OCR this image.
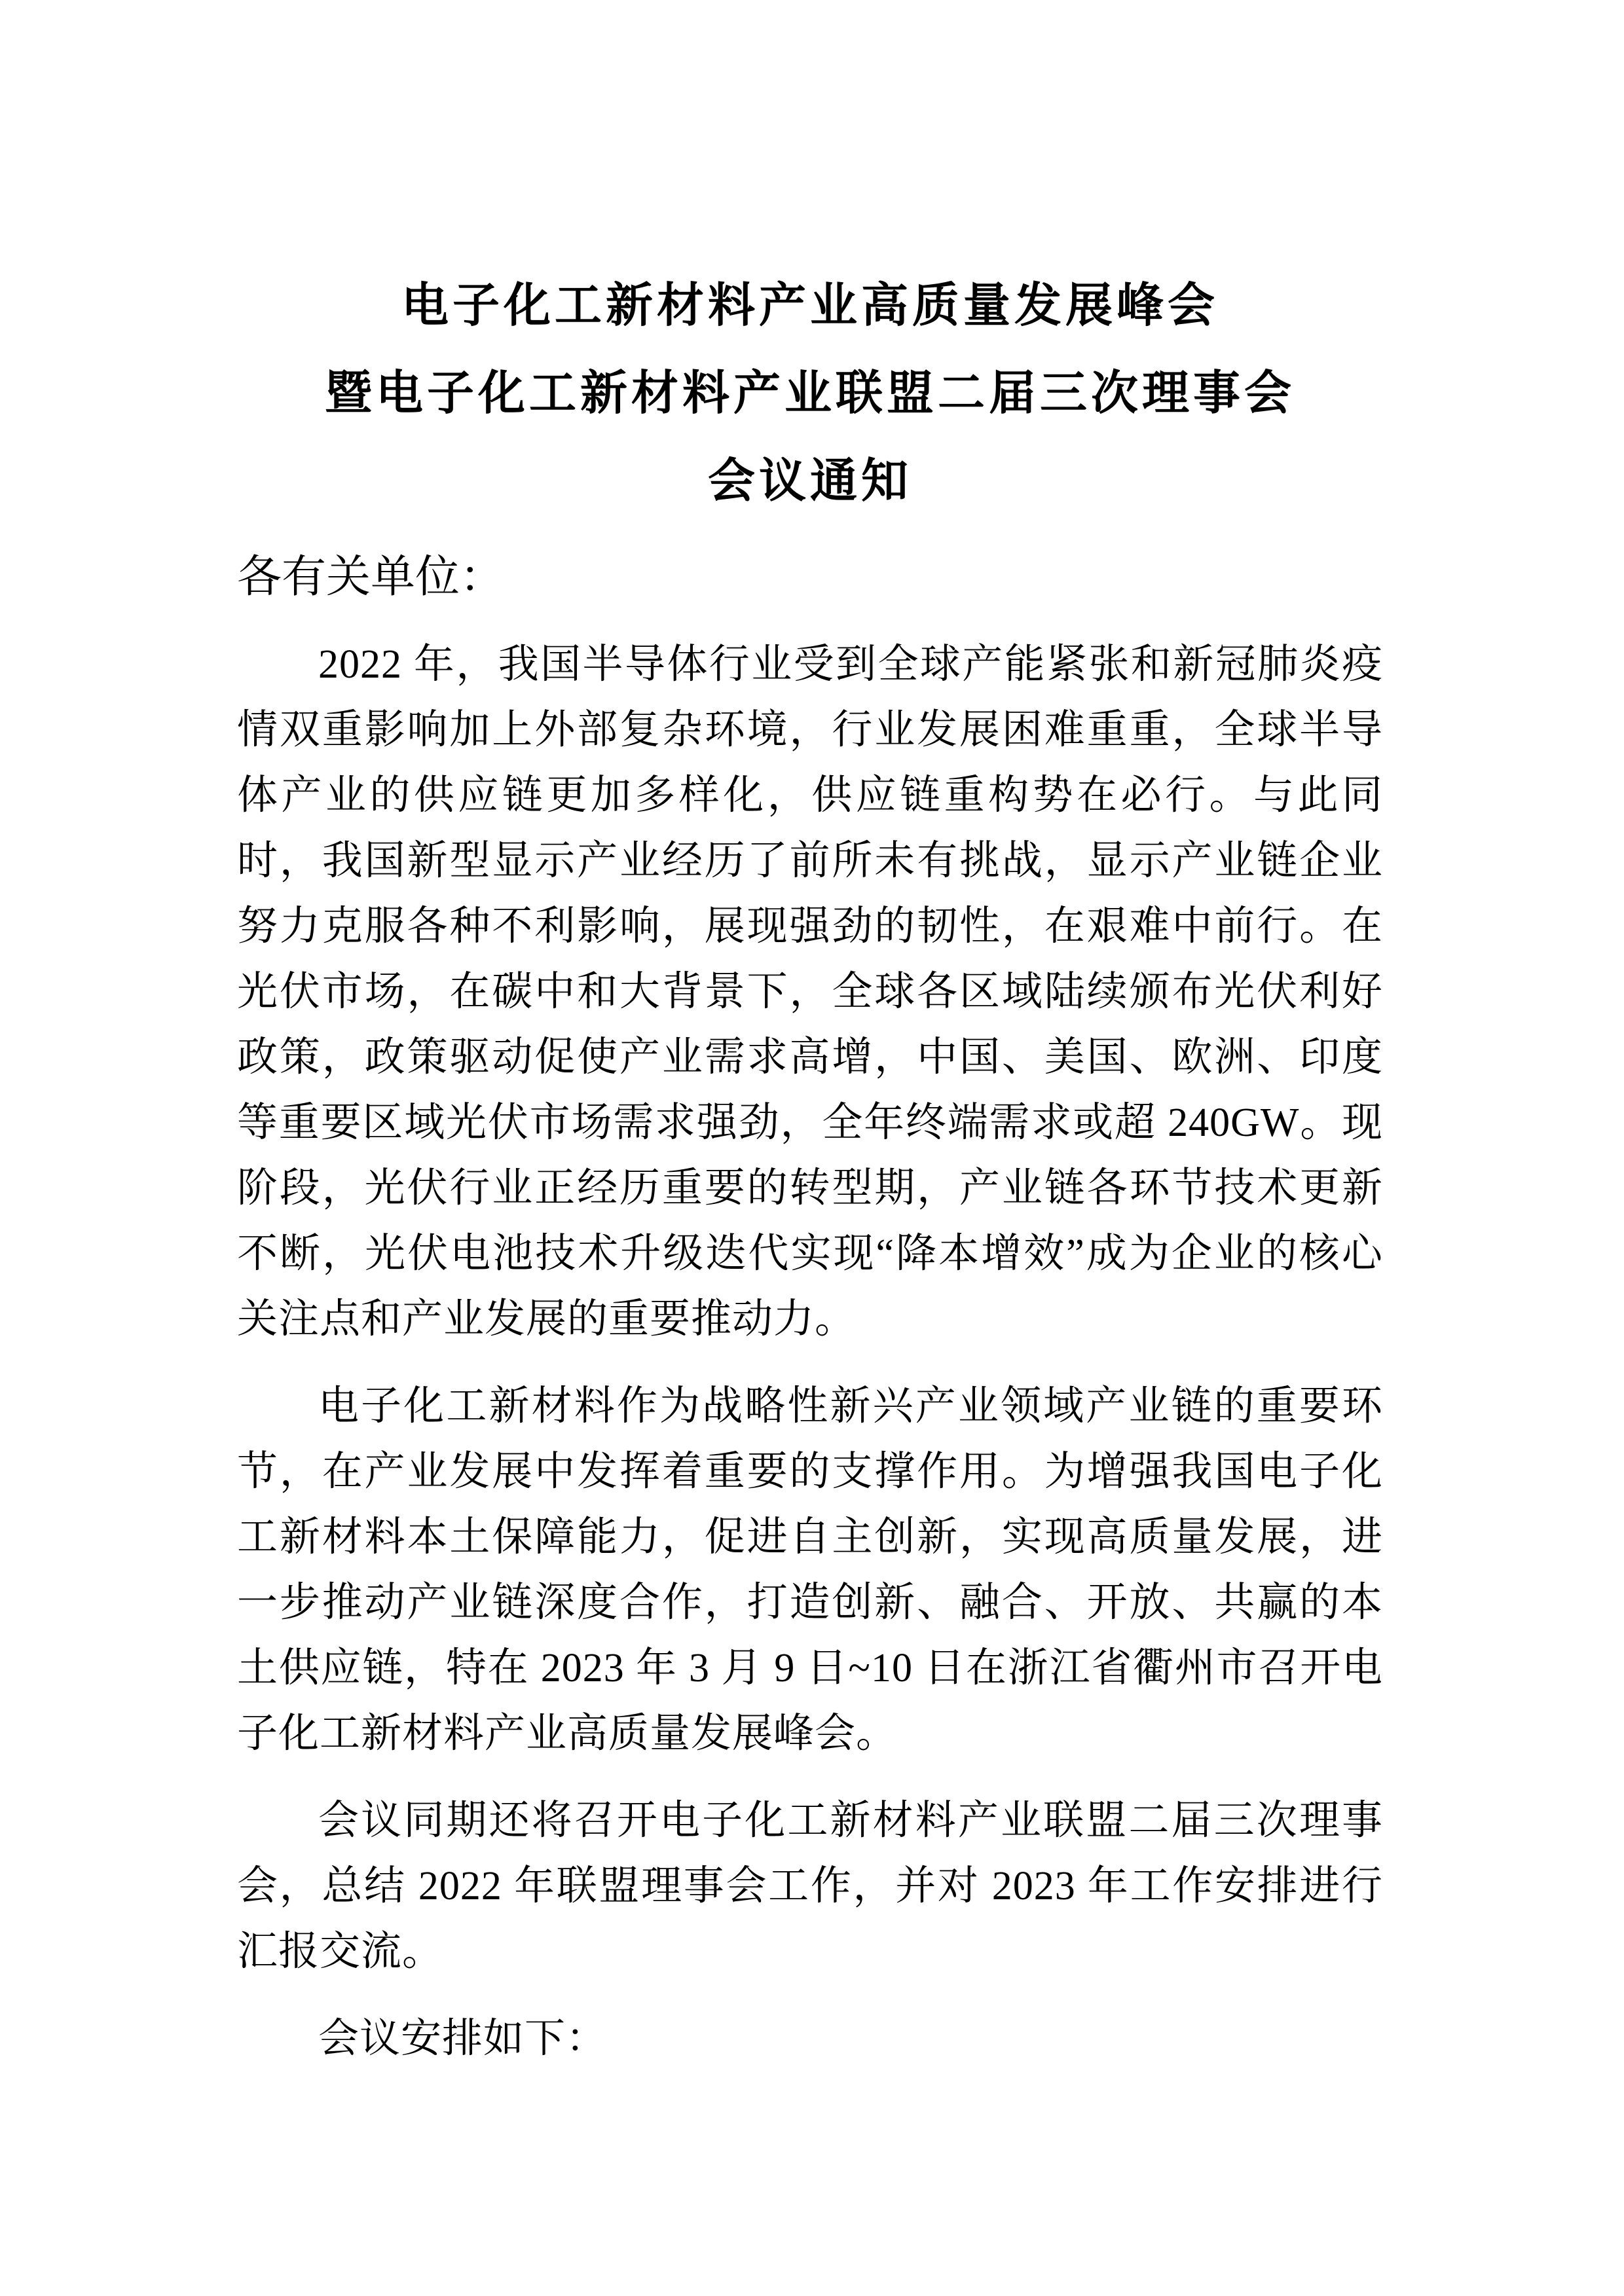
电子化工新材料产业高质量发展峰会
暨电子化工新材料产业联盟二届三次理事会
会议通知
各有关单位：

2022 年，我国半导体行业受到全球产能紧张和新冠肺炎疫情双重影响加上外部复杂环境，行业发展困难重重，全球半导体产业的供应链更加多样化，供应链重构势在必行。与此同时，我国新型显示产业经历了前所未有挑战，显示产业链企业努力克服各种不利影响，展现强劲的韧性，在艰难中前行。在光伏市场，在碳中和大背景下，全球各区域陆续颁布光伏利好政策，政策驱动促使产业需求高增，中国、美国、欧洲、印度等重要区域光伏市场需求强劲，全年终端需求或超 240GW。现阶段，光伏行业正经历重要的转型期，产业链各环节技术更新不断，光伏电池技术升级迭代实现“降本增效”成为企业的核心关注点和产业发展的重要推动力。

电子化工新材料作为战略性新兴产业领域产业链的重要环节，在产业发展中发挥着重要的支撑作用。为增强我国电子化工新材料本土保障能力，促进自主创新，实现高质量发展，进一步推动产业链深度合作，打造创新、融合、开放、共赢的本土供应链，特在 2023 年 3 月 9 日~10 日在浙江省衢州市召开电子化工新材料产业高质量发展峰会。

会议同期还将召开电子化工新材料产业联盟二届三次理事会，总结 2022 年联盟理事会工作，并对 2023 年工作安排进行汇报交流。

会议安排如下：
